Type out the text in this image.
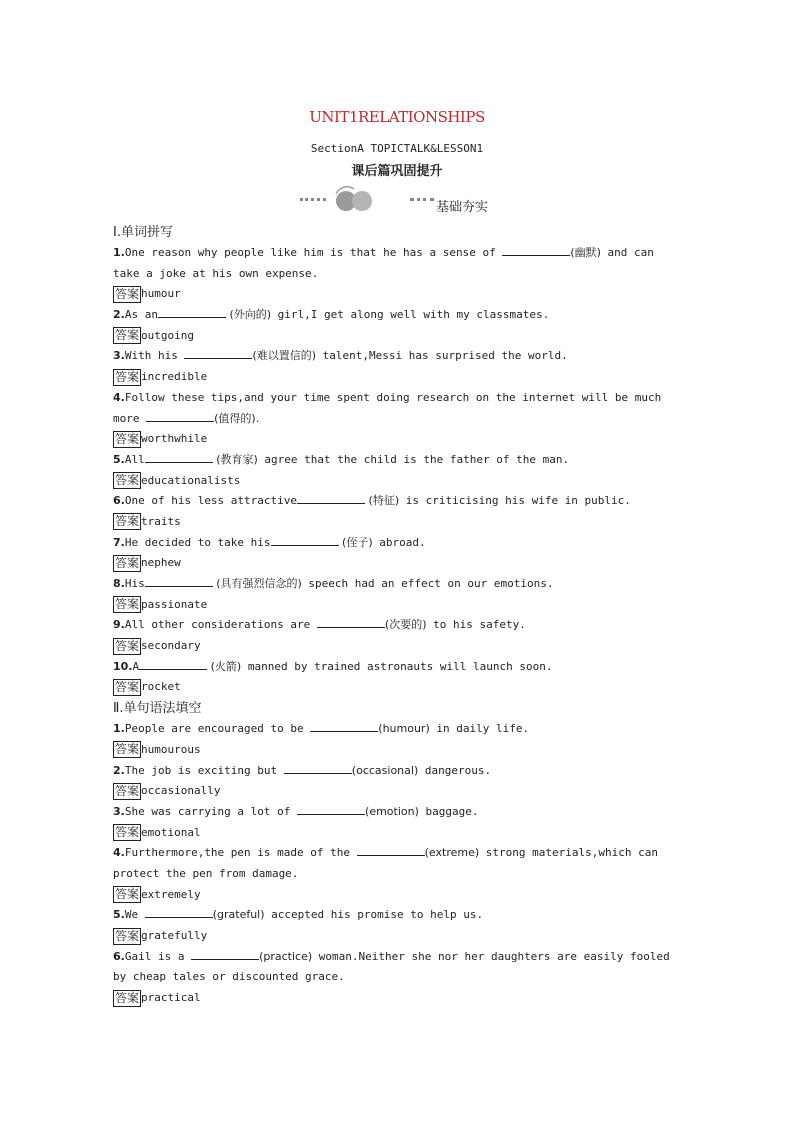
UNIT1RELATIONSHIPS
SectionA TOPICTALK&LESSON1
课后篇巩固提升
基础夯实
Ⅰ.单词拼写
1.One reason why people like him is that he has a sense of	(幽默) and can
take a joke at his own expense.
答案 humour
2.As an	(外向的) girl,I get along well with my classmates.
答案 outgoing
3.With his	(难以置信的) talent,Messi has surprised the world.
答案 incredible
4.Follow these tips,and your time spent doing research on the internet will be much
more	(值得的).
答案 worthwhile
5.All	(教育家) agree that the child is the father of the man.
答案 educationalists
6.One of his less attractive	(特征) is criticising his wife in public.
答案 traits
7.He decided to take his	(侄子) abroad.
答案 nephew
8.His	(具有强烈信念的) speech had an effect on our emotions.
答案 passionate
9.All other considerations are	(次要的) to his safety.
答案 secondary
10.A	(火箭) manned by trained astronauts will launch soon.
答案 rocket
Ⅱ.单句语法填空
1.People are encouraged to be	(humour) in daily life.
答案 humourous
2.The job is exciting but	(occasional) dangerous.
答案 occasionally
3.She was carrying a lot of	(emotion) baggage.
答案 emotional
4.Furthermore,the pen is made of the	(extreme) strong materials,which can
protect the pen from damage.
答案 extremely
5.We	(grateful) accepted his promise to help us.
答案 gratefully
6.Gail is a	(practice) woman.Neither she nor her daughters are easily fooled
by cheap tales or discounted grace.
答案 practical
